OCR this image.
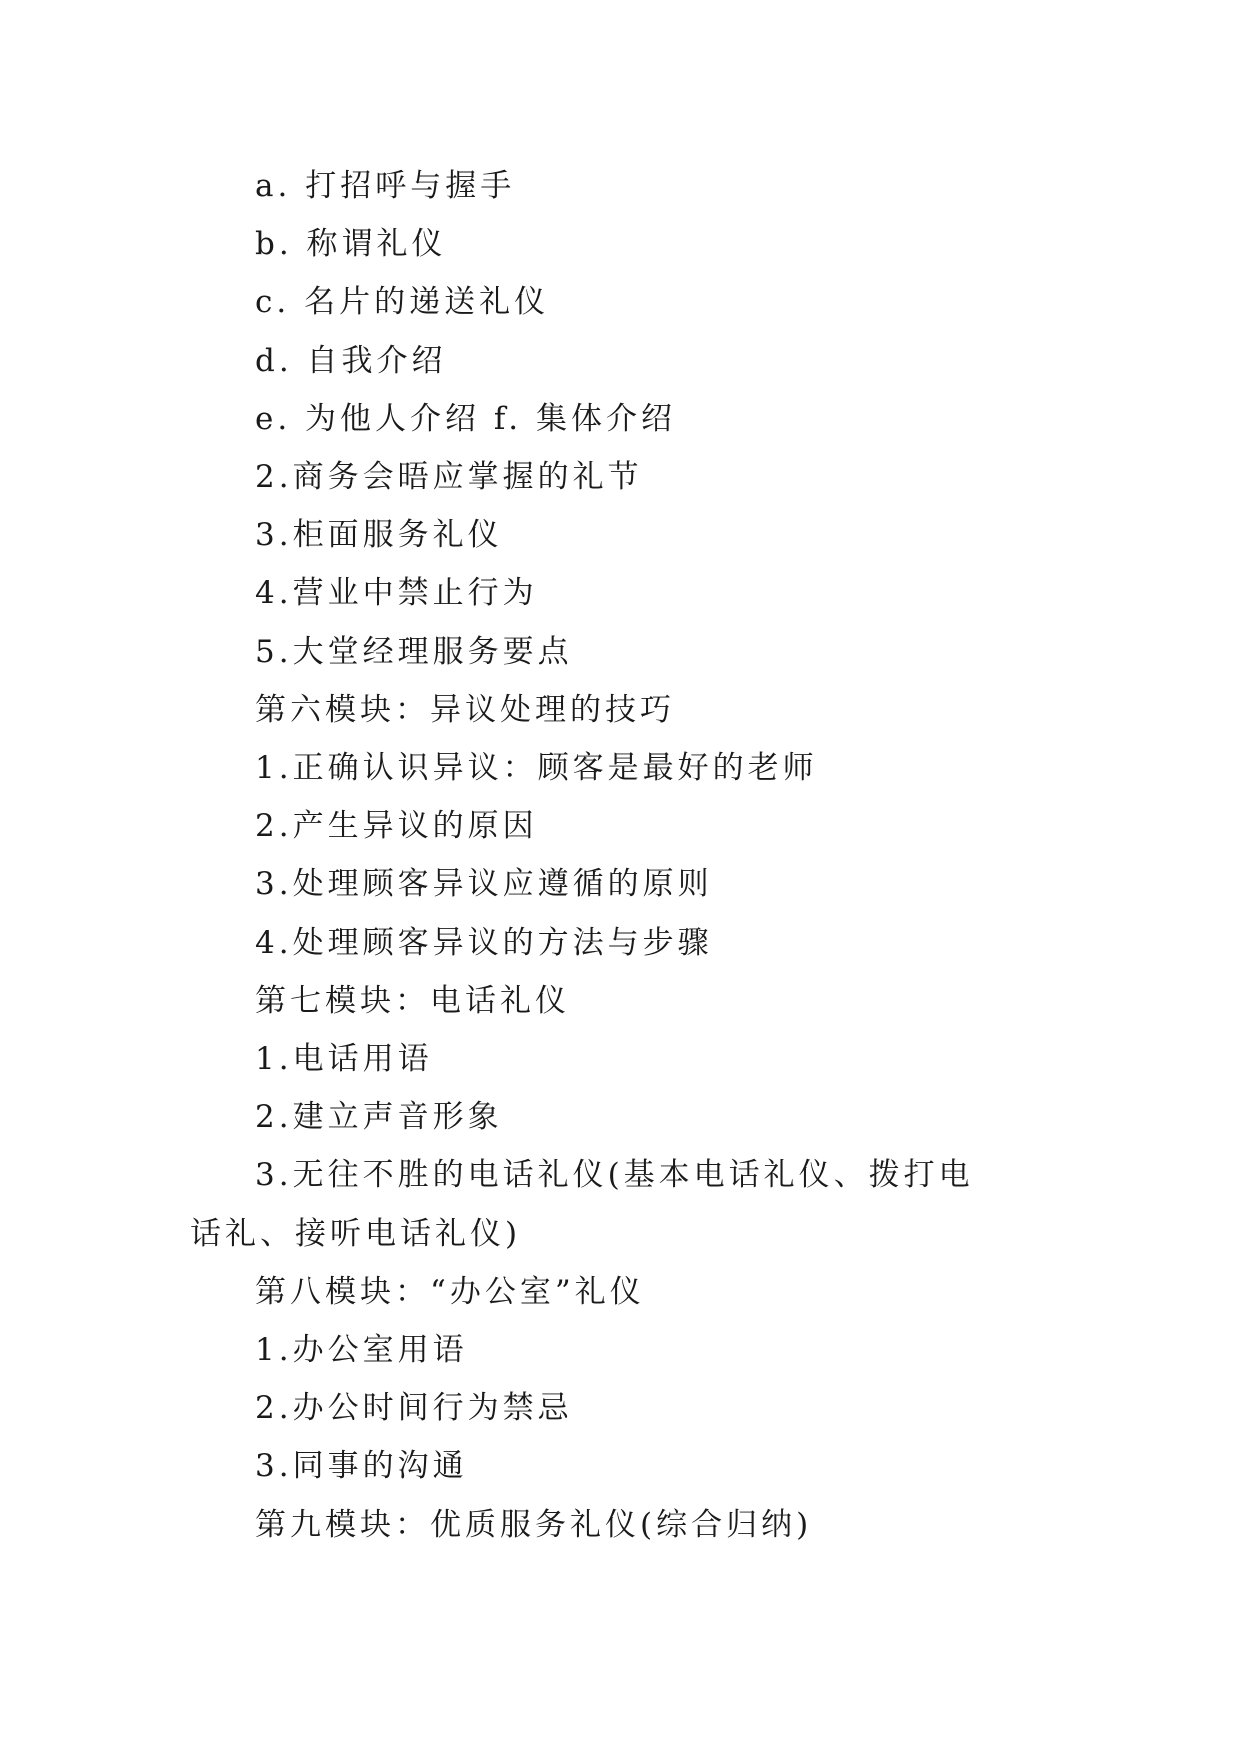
a. 打招呼与握手

b. 称谓礼仪

c. 名片的递送礼仪

d. 自我介绍

e. 为他人介绍 f. 集体介绍

2.商务会晤应掌握的礼节

3.柜面服务礼仪

4.营业中禁止行为

5.大堂经理服务要点

第六模块：异议处理的技巧

1.正确认识异议：顾客是最好的老师

2.产生异议的原因

3.处理顾客异议应遵循的原则

4.处理顾客异议的方法与步骤

第七模块：电话礼仪

1.电话用语

2.建立声音形象

3.无往不胜的电话礼仪(基本电话礼仪、拨打电话礼、接听电话礼仪)

第八模块：“办公室”礼仪

1.办公室用语

2.办公时间行为禁忌

3.同事的沟通

第九模块：优质服务礼仪(综合归纳)
